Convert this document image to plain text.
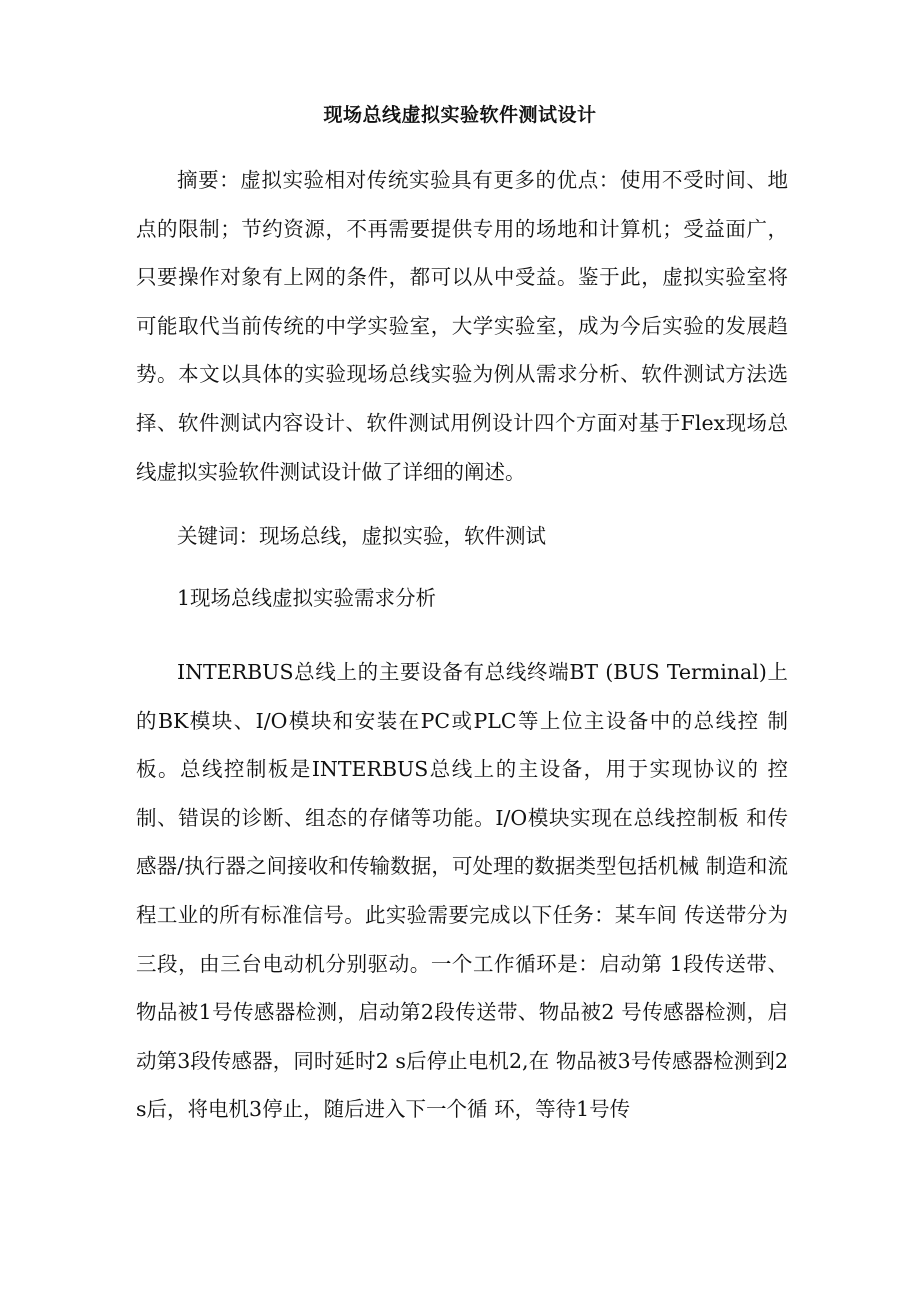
现场总线虚拟实验软件测试设计

摘要：虚拟实验相对传统实验具有更多的优点：使用不受时间、地点的限制；节约资源，不再需要提供专用的场地和计算机；受益面广，只要操作对象有上网的条件，都可以从中受益。鉴于此，虚拟实验室将可能取代当前传统的中学实验室，大学实验室，成为今后实验的发展趋势。本文以具体的实验现场总线实验为例从需求分析、软件测试方法选择、软件测试内容设计、软件测试用例设计四个方面对基于Flex现场总线虚拟实验软件测试设计做了详细的阐述。

关键词：现场总线，虚拟实验，软件测试

1现场总线虚拟实验需求分析

INTERBUS总线上的主要设备有总线终端BT (BUS Terminal)上 的BK模块、I/O模块和安装在PC或PLC等上位主设备中的总线控 制板。总线控制板是INTERBUS总线上的主设备，用于实现协议的 控制、错误的诊断、组态的存储等功能。I/O模块实现在总线控制板 和传感器/执行器之间接收和传输数据，可处理的数据类型包括机械 制造和流程工业的所有标准信号。此实验需要完成以下任务：某车间 传送带分为三段，由三台电动机分别驱动。一个工作循环是：启动第 1段传送带、物品被1号传感器检测，启动第2段传送带、物品被2 号传感器检测，启动第3段传感器，同时延时2 s后停止电机2,在 物品被3号传感器检测到2 s后，将电机3停止，随后进入下一个循 环，等待1号传
